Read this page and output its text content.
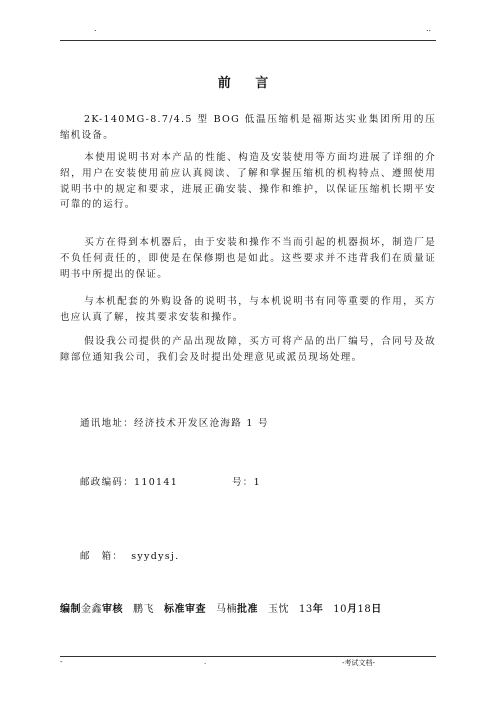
.	..
前 言
2K-140MG-8.7/4.5 型 BOG 低温压缩机是福斯达实业集团所用的压缩机设备。
本使用说明书对本产品的性能、构造及安装使用等方面均进展了详细的介绍，用户在安装使用前应认真阅读、了解和掌握压缩机的机构特点、遵照使用说明书中的规定和要求，进展正确安装、操作和维护，以保证压缩机长期平安可靠的的运行。
买方在得到本机器后，由于安装和操作不当而引起的机器损坏，制造厂是不负任何责任的，即使是在保修期也是如此。这些要求并不违背我们在质量证明书中所提出的保证。
与本机配套的外购设备的说明书，与本机说明书有同等重要的作用，买方也应认真了解，按其要求安装和操作。
假设我公司提供的产品出现故障，买方可将产品的出厂编号，合同号及故障部位通知我公司，我们会及时提出处理意见或派员现场处理。
通讯地址：经济技术开发区沧海路 1 号
邮政编码：110141	号：1
邮　箱： syydysj.
编制金鑫审核 鹏飞 标准审查 马楠批准 玉忱 13年 10月18日
-	.	-考试文档-
